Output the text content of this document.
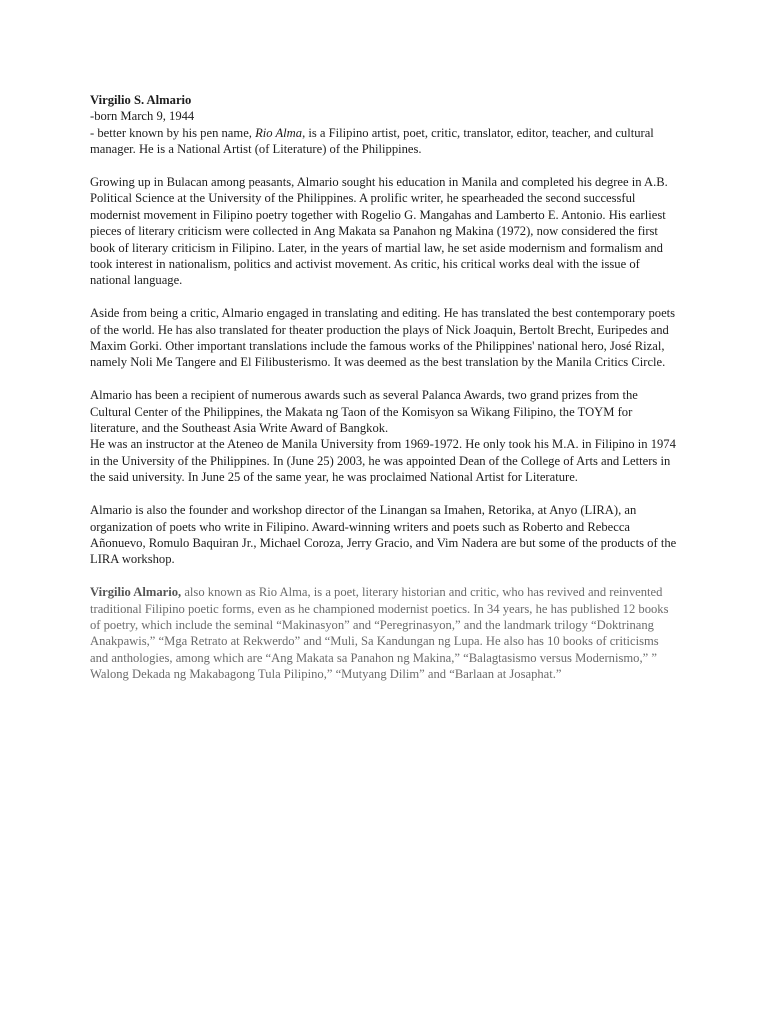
Virgilio S. Almario

-born March 9, 1944

- better known by his pen name, Rio Alma, is a Filipino artist, poet, critic, translator, editor, teacher, and cultural manager. He is a National Artist (of Literature) of the Philippines.

Growing up in Bulacan among peasants, Almario sought his education in Manila and completed his degree in A.B. Political Science at the University of the Philippines. A prolific writer, he spearheaded the second successful modernist movement in Filipino poetry together with Rogelio G. Mangahas and Lamberto E. Antonio. His earliest pieces of literary criticism were collected in Ang Makata sa Panahon ng Makina (1972), now considered the first book of literary criticism in Filipino. Later, in the years of martial law, he set aside modernism and formalism and took interest in nationalism, politics and activist movement. As critic, his critical works deal with the issue of national language.

Aside from being a critic, Almario engaged in translating and editing. He has translated the best contemporary poets of the world. He has also translated for theater production the plays of Nick Joaquin, Bertolt Brecht, Euripedes and Maxim Gorki. Other important translations include the famous works of the Philippines' national hero, José Rizal, namely Noli Me Tangere and El Filibusterismo. It was deemed as the best translation by the Manila Critics Circle.

Almario has been a recipient of numerous awards such as several Palanca Awards, two grand prizes from the Cultural Center of the Philippines, the Makata ng Taon of the Komisyon sa Wikang Filipino, the TOYM for literature, and the Southeast Asia Write Award of Bangkok.

He was an instructor at the Ateneo de Manila University from 1969-1972. He only took his M.A. in Filipino in 1974 in the University of the Philippines. In (June 25) 2003, he was appointed Dean of the College of Arts and Letters in the said university. In June 25 of the same year, he was proclaimed National Artist for Literature.

Almario is also the founder and workshop director of the Linangan sa Imahen, Retorika, at Anyo (LIRA), an organization of poets who write in Filipino. Award-winning writers and poets such as Roberto and Rebecca Añonuevo, Romulo Baquiran Jr., Michael Coroza, Jerry Gracio, and Vim Nadera are but some of the products of the LIRA workshop.

Virgilio Almario, also known as Rio Alma, is a poet, literary historian and critic, who has revived and reinvented traditional Filipino poetic forms, even as he championed modernist poetics. In 34 years, he has published 12 books of poetry, which include the seminal “Makinasyon” and “Peregrinasyon,” and the landmark trilogy “Doktrinang Anakpawis,” “Mga Retrato at Rekwerdo” and “Muli, Sa Kandungan ng Lupa. He also has 10 books of criticisms and anthologies, among which are “Ang Makata sa Panahon ng Makina,” “Balagtasismo versus Modernismo,” ” Walong Dekada ng Makabagong Tula Pilipino,” “Mutyang Dilim” and “Barlaan at Josaphat.”
